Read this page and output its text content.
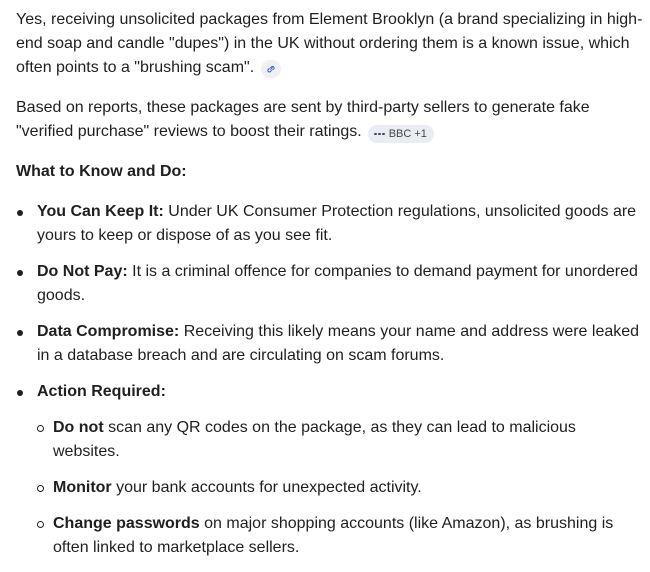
Yes, receiving unsolicited packages from Element Brooklyn (a brand specializing in high-end soap and candle "dupes") in the UK without ordering them is a known issue, which often points to a "brushing scam".

Based on reports, these packages are sent by third-party sellers to generate fake "verified purchase" reviews to boost their ratings. BBC +1

What to Know and Do:
You Can Keep It: Under UK Consumer Protection regulations, unsolicited goods are yours to keep or dispose of as you see fit.
Do Not Pay: It is a criminal offence for companies to demand payment for unordered goods.
Data Compromise: Receiving this likely means your name and address were leaked in a database breach and are circulating on scam forums.
Action Required:
Do not scan any QR codes on the package, as they can lead to malicious websites.
Monitor your bank accounts for unexpected activity.
Change passwords on major shopping accounts (like Amazon), as brushing is often linked to marketplace sellers.
